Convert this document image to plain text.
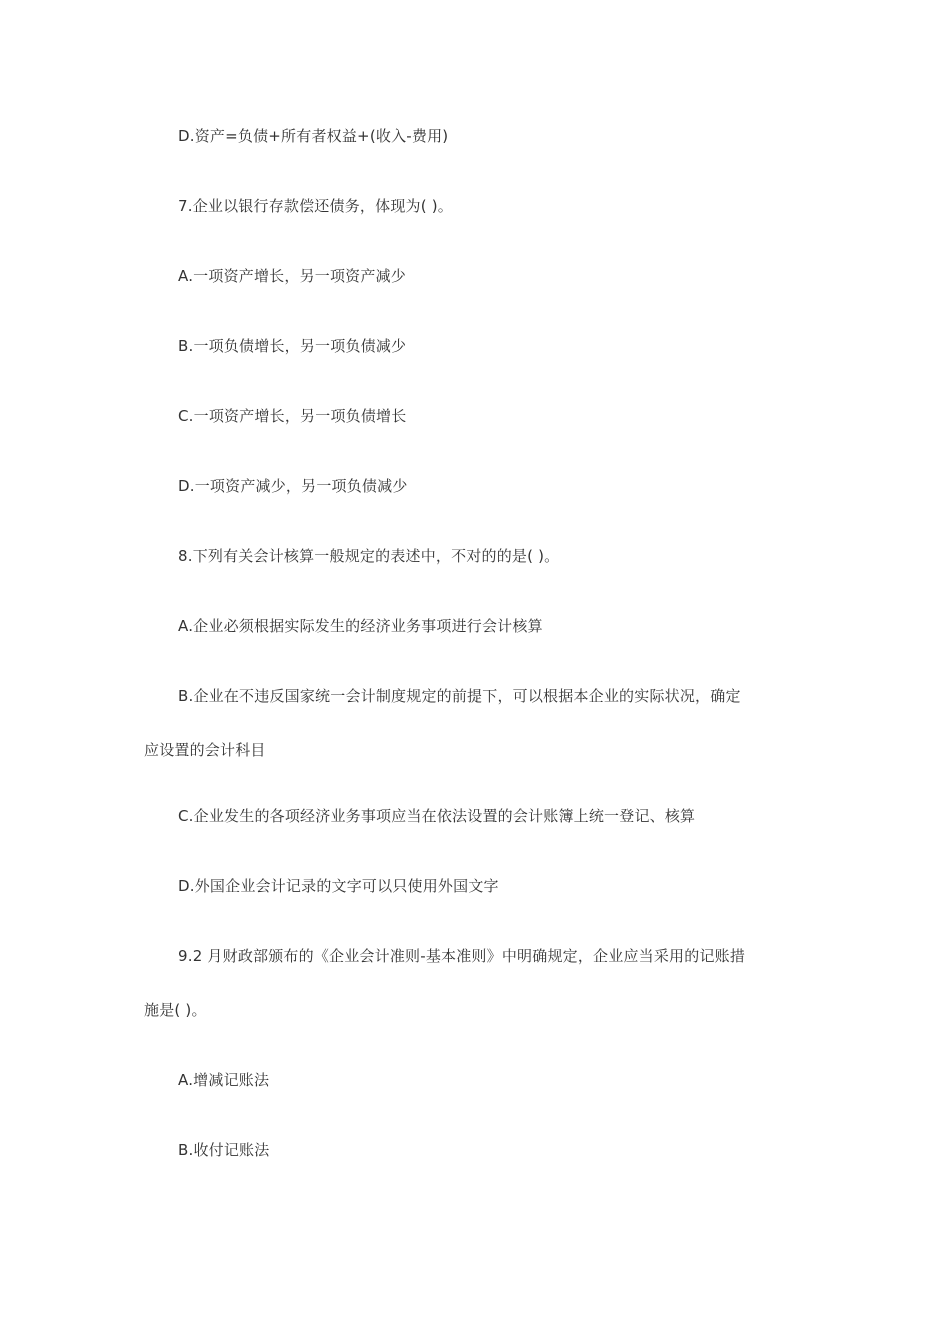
D.资产=负债+所有者权益+(收入-费用)
7.企业以银行存款偿还债务，体现为( )。
A.一项资产增长，另一项资产减少
B.一项负债增长，另一项负债减少
C.一项资产增长，另一项负债增长
D.一项资产减少，另一项负债减少
8.下列有关会计核算一般规定的表述中，不对的的是( )。
A.企业必须根据实际发生的经济业务事项进行会计核算
B.企业在不违反国家统一会计制度规定的前提下，可以根据本企业的实际状况，确定
应设置的会计科目
C.企业发生的各项经济业务事项应当在依法设置的会计账簿上统一登记、核算
D.外国企业会计记录的文字可以只使用外国文字
9.2 月财政部颁布的《企业会计准则-基本准则》中明确规定，企业应当采用的记账措
施是( )。
A.增减记账法
B.收付记账法
